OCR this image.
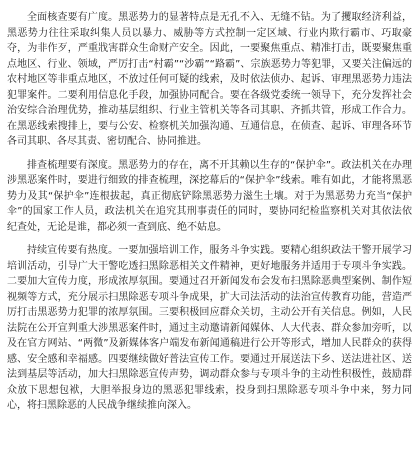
全面核查要有广度。黑恶势力的显著特点是无孔不入、无缝不钻。为了攫取经济利益，黑恶势力往往采取纠集人员以暴力、威胁等方式控制一定区域、行业内欺行霸市、巧取豪夺，为非作歹，严重戕害群众生命财产安全。因此，一要聚焦重点、精准打击，既要聚焦重点地区、行业、领域，严厉打击“村霸”“沙霸”“路霸”、宗族恶势力等犯罪，又要关注偏远的农村地区等非重点地区，不放过任何可疑的线索，及时依法侦办、起诉、审理黑恶势力违法犯罪案件。二要利用信息化手段，加强协同配合。要在各级党委统一领导下，充分发挥社会治安综合治理优势，推动基层组织、行业主管机关等各司其职、齐抓共管，形成工作合力。在黑恶线索搜排上，要与公安、检察机关加强沟通、互通信息，在侦查、起诉、审理各环节各司其职、各尽其责、密切配合、协同推进。

排查梳理要有深度。黑恶势力的存在，离不开其赖以生存的“保护伞”。政法机关在办理涉黑恶案件时，要进行细致的排查梳理，深挖幕后的“保护伞”线索。唯有如此，才能将黑恶势力及其“保护伞”连根拔起，真正彻底铲除黑恶势力滋生土壤。对于为黑恶势力充当“保护伞”的国家工作人员，政法机关在追究其刑事责任的同时，要协同纪检监察机关对其依法依纪查处，无论是谁，都必须一查到底、绝不姑息。

持续宣传要有热度。一要加强培训工作，服务斗争实践。要精心组织政法干警开展学习培训活动，引导广大干警吃透扫黑除恶相关文件精神，更好地服务并适用于专项斗争实践。二要加大宣传力度，形成浓厚氛围。要通过召开新闻发布会发布扫黑除恶典型案例、制作短视频等方式，充分展示扫黑除恶专项斗争成果，扩大司法活动的法治宣传教育功能，营造严厉打击黑恶势力犯罪的浓厚氛围。三要积极回应群众关切，主动公开有关信息。例如，人民法院在公开宣判重大涉黑恶案件时，通过主动邀请新闻媒体、人大代表、群众参加旁听，以及在官方网站、“两微”及新媒体客户端发布新闻通稿进行公开等形式，增加人民群众的获得感、安全感和幸福感。四要继续做好普法宣传工作。要通过开展送法下乡、送法进社区、送法到基层等活动，加大扫黑除恶宣传声势，调动群众参与专项斗争的主动性积极性，鼓励群众放下思想包袱，大胆举报身边的黑恶犯罪线索，投身到扫黑除恶专项斗争中来，努力同心，将扫黑除恶的人民战争继续推向深入。
